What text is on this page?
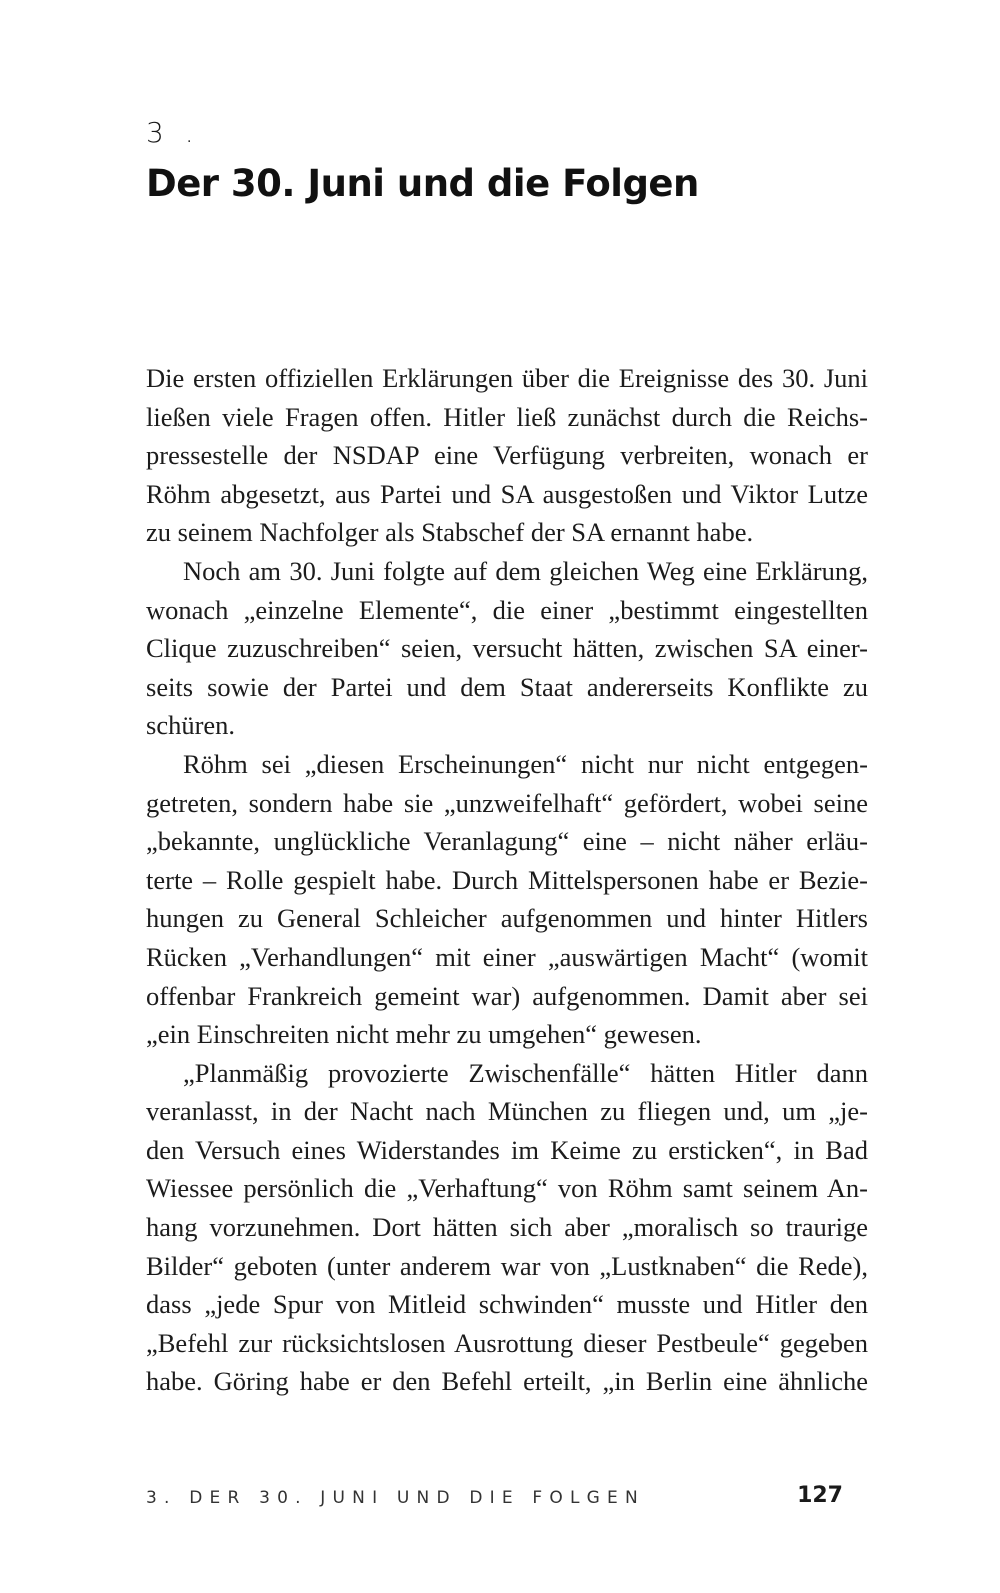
3 .
Der 30. Juni und die Folgen
Die ersten offiziellen Erklärungen über die Ereignisse des 30. Juni
ließen viele Fragen offen. Hitler ließ zunächst durch die Reichs-
pressestelle der NSDAP eine Verfügung verbreiten, wonach er
Röhm abgesetzt, aus Partei und SA ausgestoßen und Viktor Lutze
zu seinem Nachfolger als Stabschef der SA ernannt habe.
Noch am 30. Juni folgte auf dem gleichen Weg eine Erklärung,
wonach „einzelne Elemente“, die einer „bestimmt eingestellten
Clique zuzuschreiben“ seien, versucht hätten, zwischen SA einer-
seits sowie der Partei und dem Staat andererseits Konflikte zu
schüren.
Röhm sei „diesen Erscheinungen“ nicht nur nicht entgegen-
getreten, sondern habe sie „unzweifelhaft“ gefördert, wobei seine
„bekannte, unglückliche Veranlagung“ eine – nicht näher erläu-
terte – Rolle gespielt habe. Durch Mittelspersonen habe er Bezie-
hungen zu General Schleicher aufgenommen und hinter Hitlers
Rücken „Verhandlungen“ mit einer „auswärtigen Macht“ (womit
offenbar Frankreich gemeint war) aufgenommen. Damit aber sei
„ein Einschreiten nicht mehr zu umgehen“ gewesen.
„Planmäßig provozierte Zwischenfälle“ hätten Hitler dann
veranlasst, in der Nacht nach München zu fliegen und, um „je-
den Versuch eines Widerstandes im Keime zu ersticken“, in Bad
Wiessee persönlich die „Verhaftung“ von Röhm samt seinem An-
hang vorzunehmen. Dort hätten sich aber „moralisch so traurige
Bilder“ geboten (unter anderem war von „Lustknaben“ die Rede),
dass „jede Spur von Mitleid schwinden“ musste und Hitler den
„Befehl zur rücksichtslosen Ausrottung dieser Pestbeule“ gegeben
habe. Göring habe er den Befehl erteilt, „in Berlin eine ähnliche
3. DER 30. JUNI UND DIE FOLGEN	127
